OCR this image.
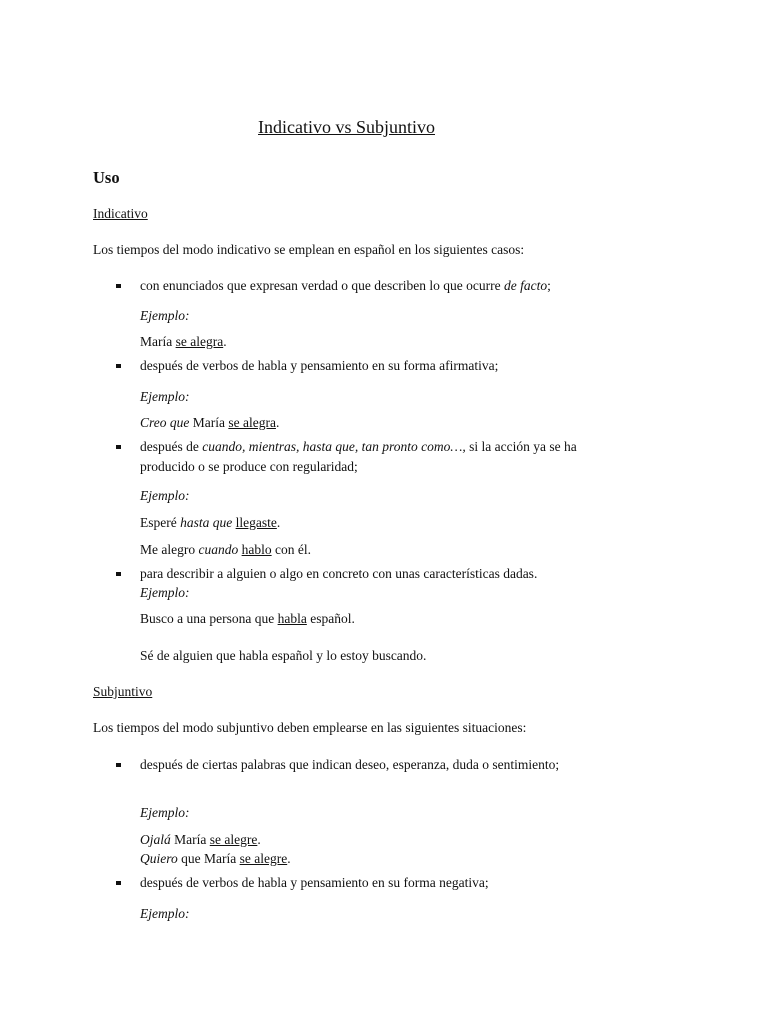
Indicativo vs Subjuntivo
Uso
Indicativo
Los tiempos del modo indicativo se emplean en español en los siguientes casos:
con enunciados que expresan verdad o que describen lo que ocurre de facto;
Ejemplo:
María se alegra.
después de verbos de habla y pensamiento en su forma afirmativa;
Ejemplo:
Creo que María se alegra.
después de cuando, mientras, hasta que, tan pronto como…, si la acción ya se ha
producido o se produce con regularidad;
Ejemplo:
Esperé hasta que llegaste.
Me alegro cuando hablo con él.
para describir a alguien o algo en concreto con unas características dadas.
Ejemplo:
Busco a una persona que habla español.
Sé de alguien que habla español y lo estoy buscando.
Subjuntivo
Los tiempos del modo subjuntivo deben emplearse en las siguientes situaciones:
después de ciertas palabras que indican deseo, esperanza, duda o sentimiento;
Ejemplo:
Ojalá María se alegre.
Quiero que María se alegre.
después de verbos de habla y pensamiento en su forma negativa;
Ejemplo:
